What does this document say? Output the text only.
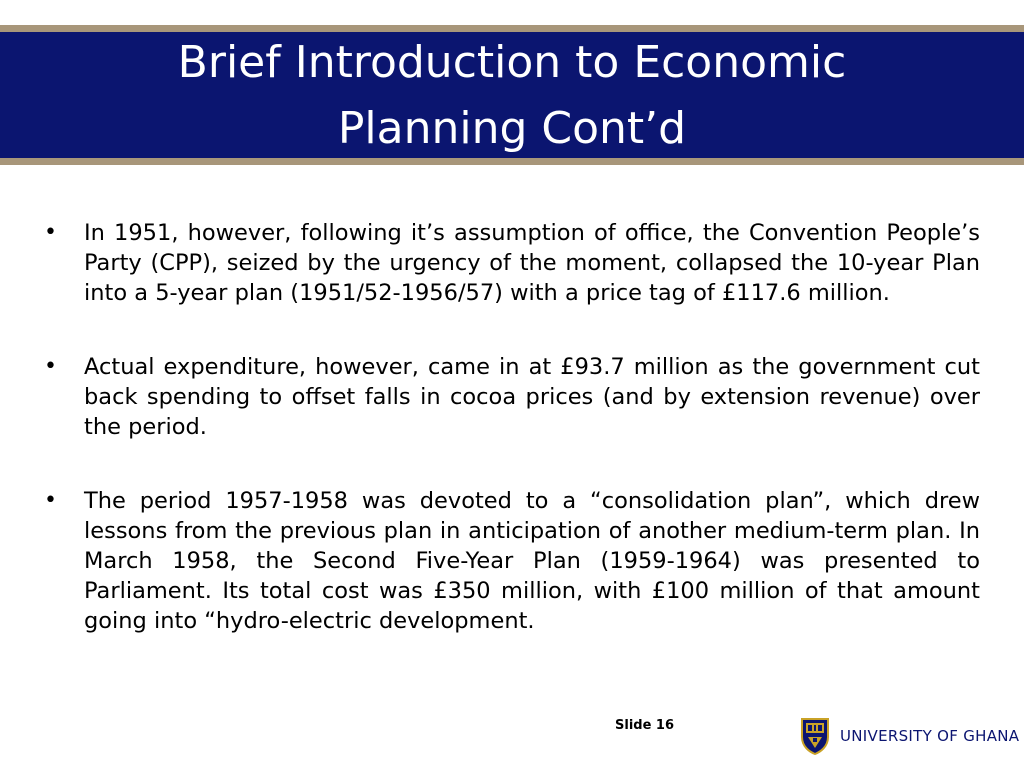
Brief Introduction to Economic
Planning Cont’d
• In 1951, however, following it’s assumption of office, the Convention People’s Party (CPP), seized by the urgency of the moment, collapsed the 10-year Plan into a 5-year plan (1951/52-1956/57) with a price tag of £117.6 million.
• Actual expenditure, however, came in at £93.7 million as the government cut back spending to offset falls in cocoa prices (and by extension revenue) over the period.
• The period 1957-1958 was devoted to a “consolidation plan”, which drew lessons from the previous plan in anticipation of another medium-term plan. In March 1958, the Second Five-Year Plan (1959-1964) was presented to Parliament. Its total cost was £350 million, with £100 million of that amount going into “hydro-electric development.
Slide 16
UNIVERSITY OF GHANA
